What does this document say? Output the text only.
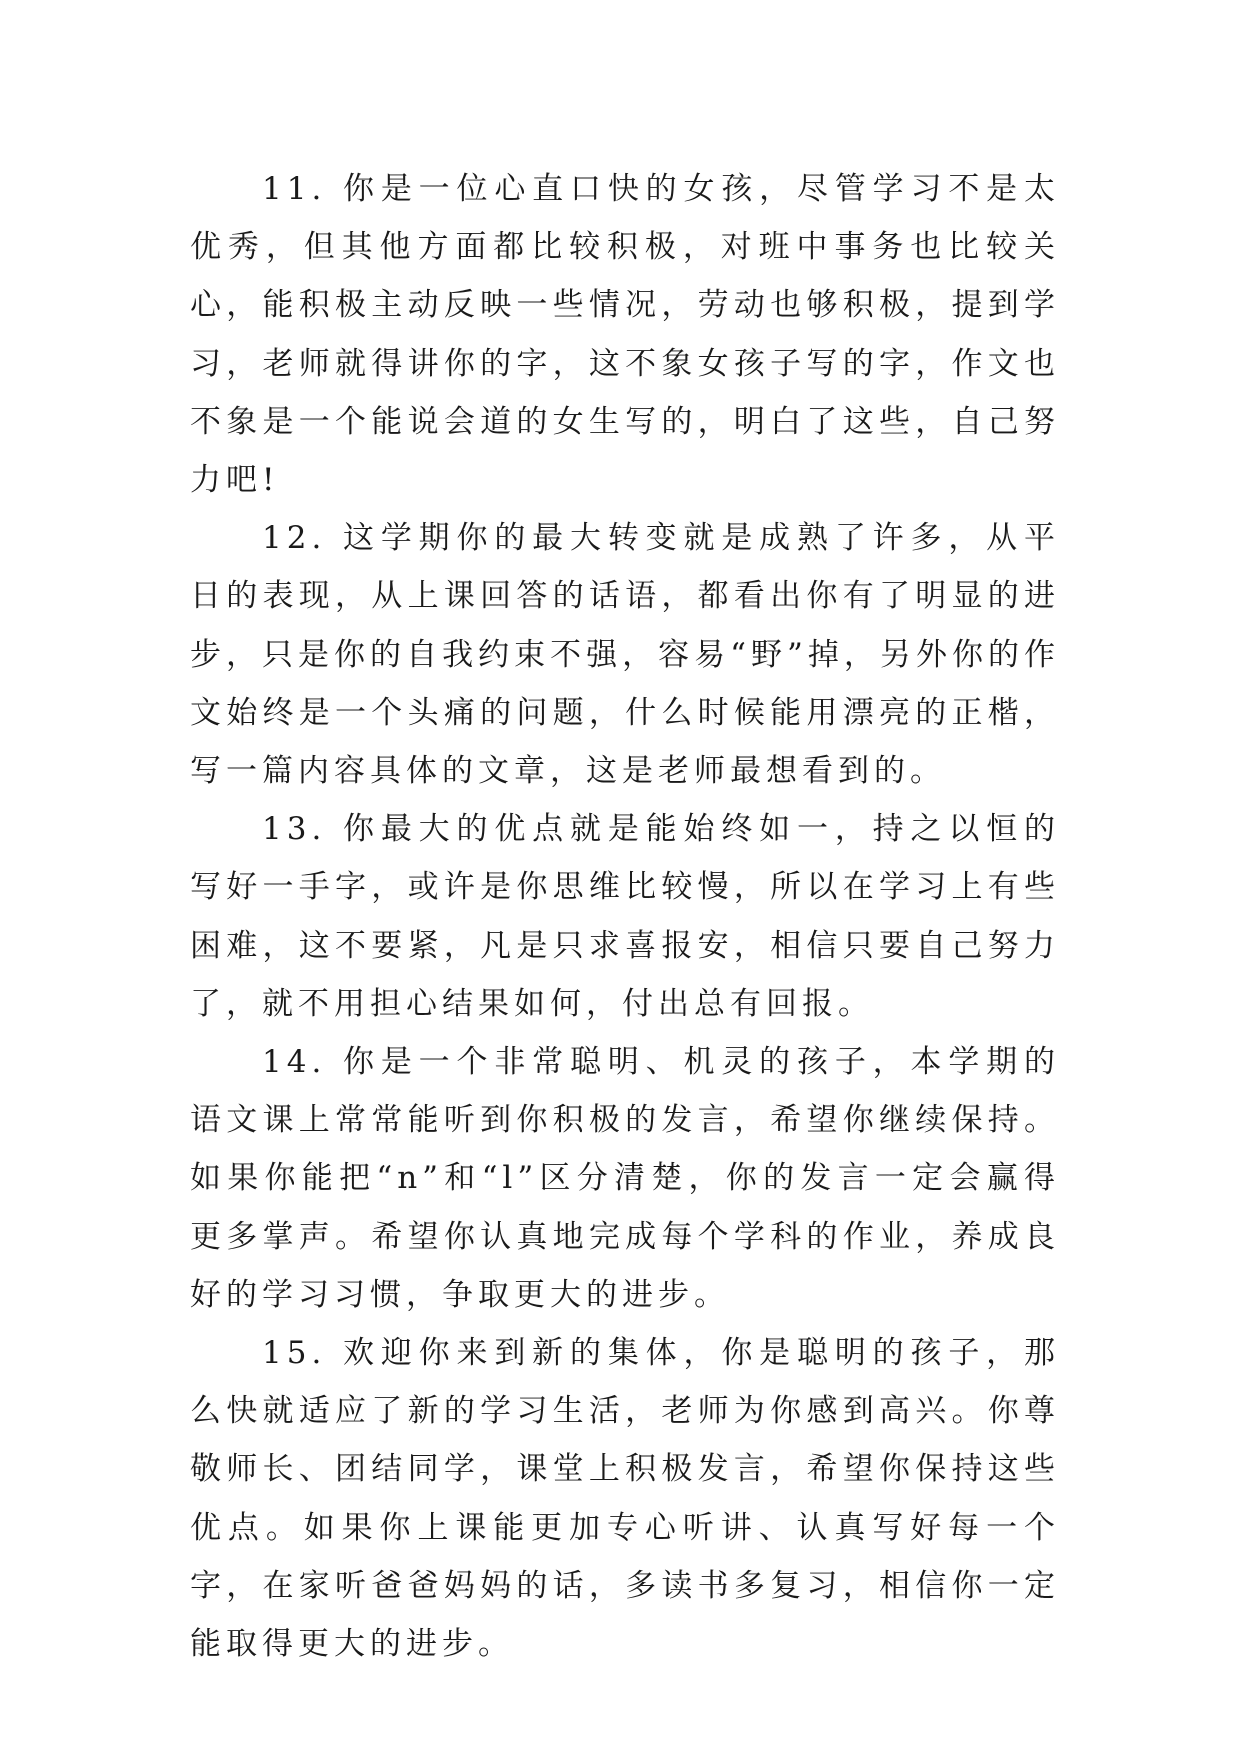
11. 你是一位心直口快的女孩，尽管学习不是太优秀，但其他方面都比较积极，对班中事务也比较关心，能积极主动反映一些情况，劳动也够积极，提到学习，老师就得讲你的字，这不象女孩子写的字，作文也不象是一个能说会道的女生写的，明白了这些，自己努力吧!

12. 这学期你的最大转变就是成熟了许多，从平日的表现，从上课回答的话语，都看出你有了明显的进步，只是你的自我约束不强，容易“野”掉，另外你的作文始终是一个头痛的问题，什么时候能用漂亮的正楷，写一篇内容具体的文章，这是老师最想看到的。

13. 你最大的优点就是能始终如一，持之以恒的写好一手字，或许是你思维比较慢，所以在学习上有些困难，这不要紧，凡是只求喜报安，相信只要自己努力了，就不用担心结果如何，付出总有回报。

14. 你是一个非常聪明、机灵的孩子，本学期的语文课上常常能听到你积极的发言，希望你继续保持。如果你能把“n”和“l”区分清楚，你的发言一定会赢得更多掌声。希望你认真地完成每个学科的作业，养成良好的学习习惯，争取更大的进步。

15. 欢迎你来到新的集体，你是聪明的孩子，那么快就适应了新的学习生活，老师为你感到高兴。你尊敬师长、团结同学，课堂上积极发言，希望你保持这些优点。如果你上课能更加专心听讲、认真写好每一个字，在家听爸爸妈妈的话，多读书多复习，相信你一定能取得更大的进步。
